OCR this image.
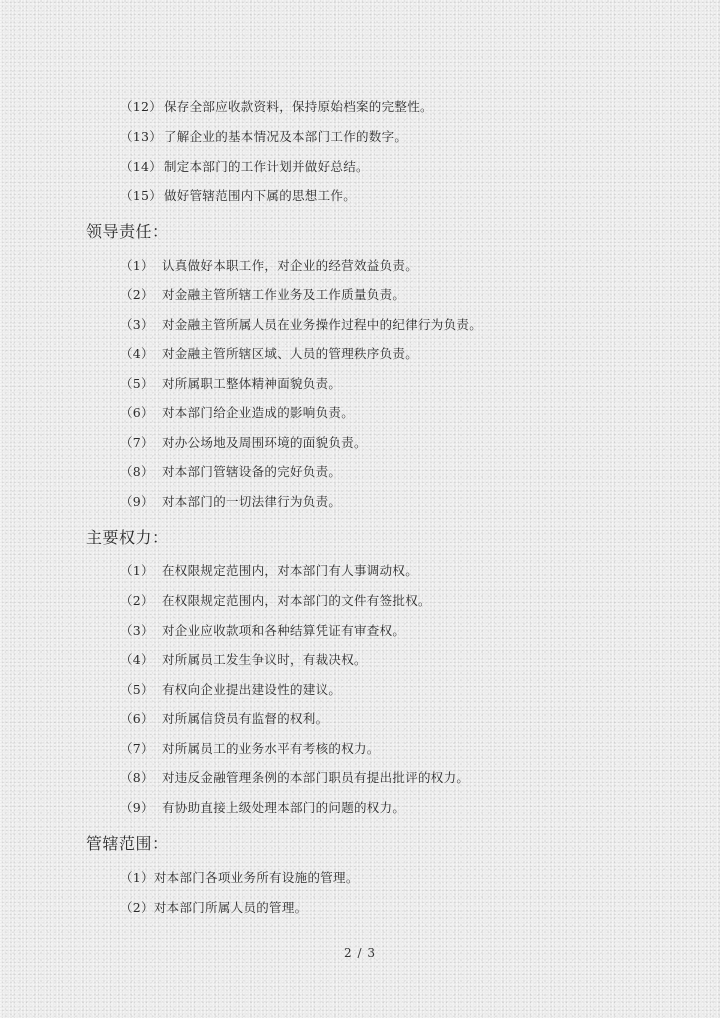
（12） 保存全部应收款资料，保持原始档案的完整性。
（13） 了解企业的基本情况及本部门工作的数字。
（14） 制定本部门的工作计划并做好总结。
（15） 做好管辖范围内下属的思想工作。
领导责任：
（1） 认真做好本职工作，对企业的经营效益负责。
（2） 对金融主管所辖工作业务及工作质量负责。
（3） 对金融主管所属人员在业务操作过程中的纪律行为负责。
（4） 对金融主管所辖区域、人员的管理秩序负责。
（5） 对所属职工整体精神面貌负责。
（6） 对本部门给企业造成的影响负责。
（7） 对办公场地及周围环境的面貌负责。
（8） 对本部门管辖设备的完好负责。
（9） 对本部门的一切法律行为负责。
主要权力：
（1） 在权限规定范围内，对本部门有人事调动权。
（2） 在权限规定范围内，对本部门的文件有签批权。
（3） 对企业应收款项和各种结算凭证有审查权。
（4） 对所属员工发生争议时，有裁决权。
（5） 有权向企业提出建设性的建议。
（6） 对所属信贷员有监督的权利。
（7） 对所属员工的业务水平有考核的权力。
（8） 对违反金融管理条例的本部门职员有提出批评的权力。
（9） 有协助直接上级处理本部门的问题的权力。
管辖范围：
（1）对本部门各项业务所有设施的管理。
（2）对本部门所属人员的管理。
2 / 3
